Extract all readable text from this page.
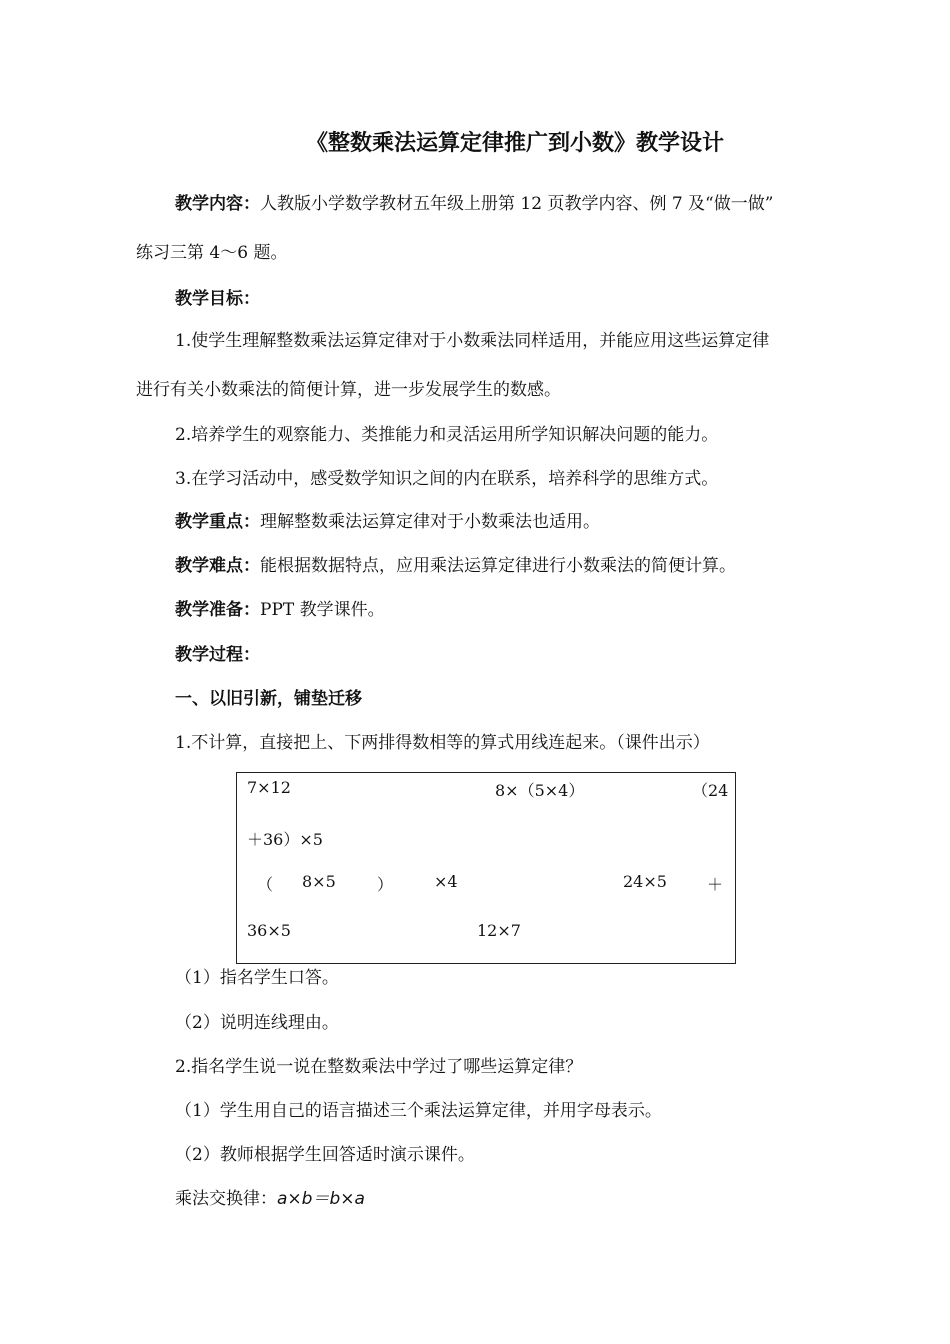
《整数乘法运算定律推广到小数》教学设计
教学内容：人教版小学数学教材五年级上册第 12 页教学内容、例 7 及“做一做”
练习三第 4～6 题。
教学目标：
1.使学生理解整数乘法运算定律对于小数乘法同样适用，并能应用这些运算定律
进行有关小数乘法的简便计算，进一步发展学生的数感。
2.培养学生的观察能力、类推能力和灵活运用所学知识解决问题的能力。
3.在学习活动中，感受数学知识之间的内在联系，培养科学的思维方式。
教学重点：理解整数乘法运算定律对于小数乘法也适用。
教学难点：能根据数据特点，应用乘法运算定律进行小数乘法的简便计算。
教学准备：PPT 教学课件。
教学过程：
一、以旧引新，铺垫迁移
1.不计算，直接把上、下两排得数相等的算式用线连起来。（课件出示）
7×12	8×（5×4）	（24
＋36）×5
（ 8×5	）	×4	24×5	＋
36×5	12×7
（1）指名学生口答。
（2）说明连线理由。
2.指名学生说一说在整数乘法中学过了哪些运算定律？
（1）学生用自己的语言描述三个乘法运算定律，并用字母表示。
（2）教师根据学生回答适时演示课件。
乘法交换律：a×b＝b×a
